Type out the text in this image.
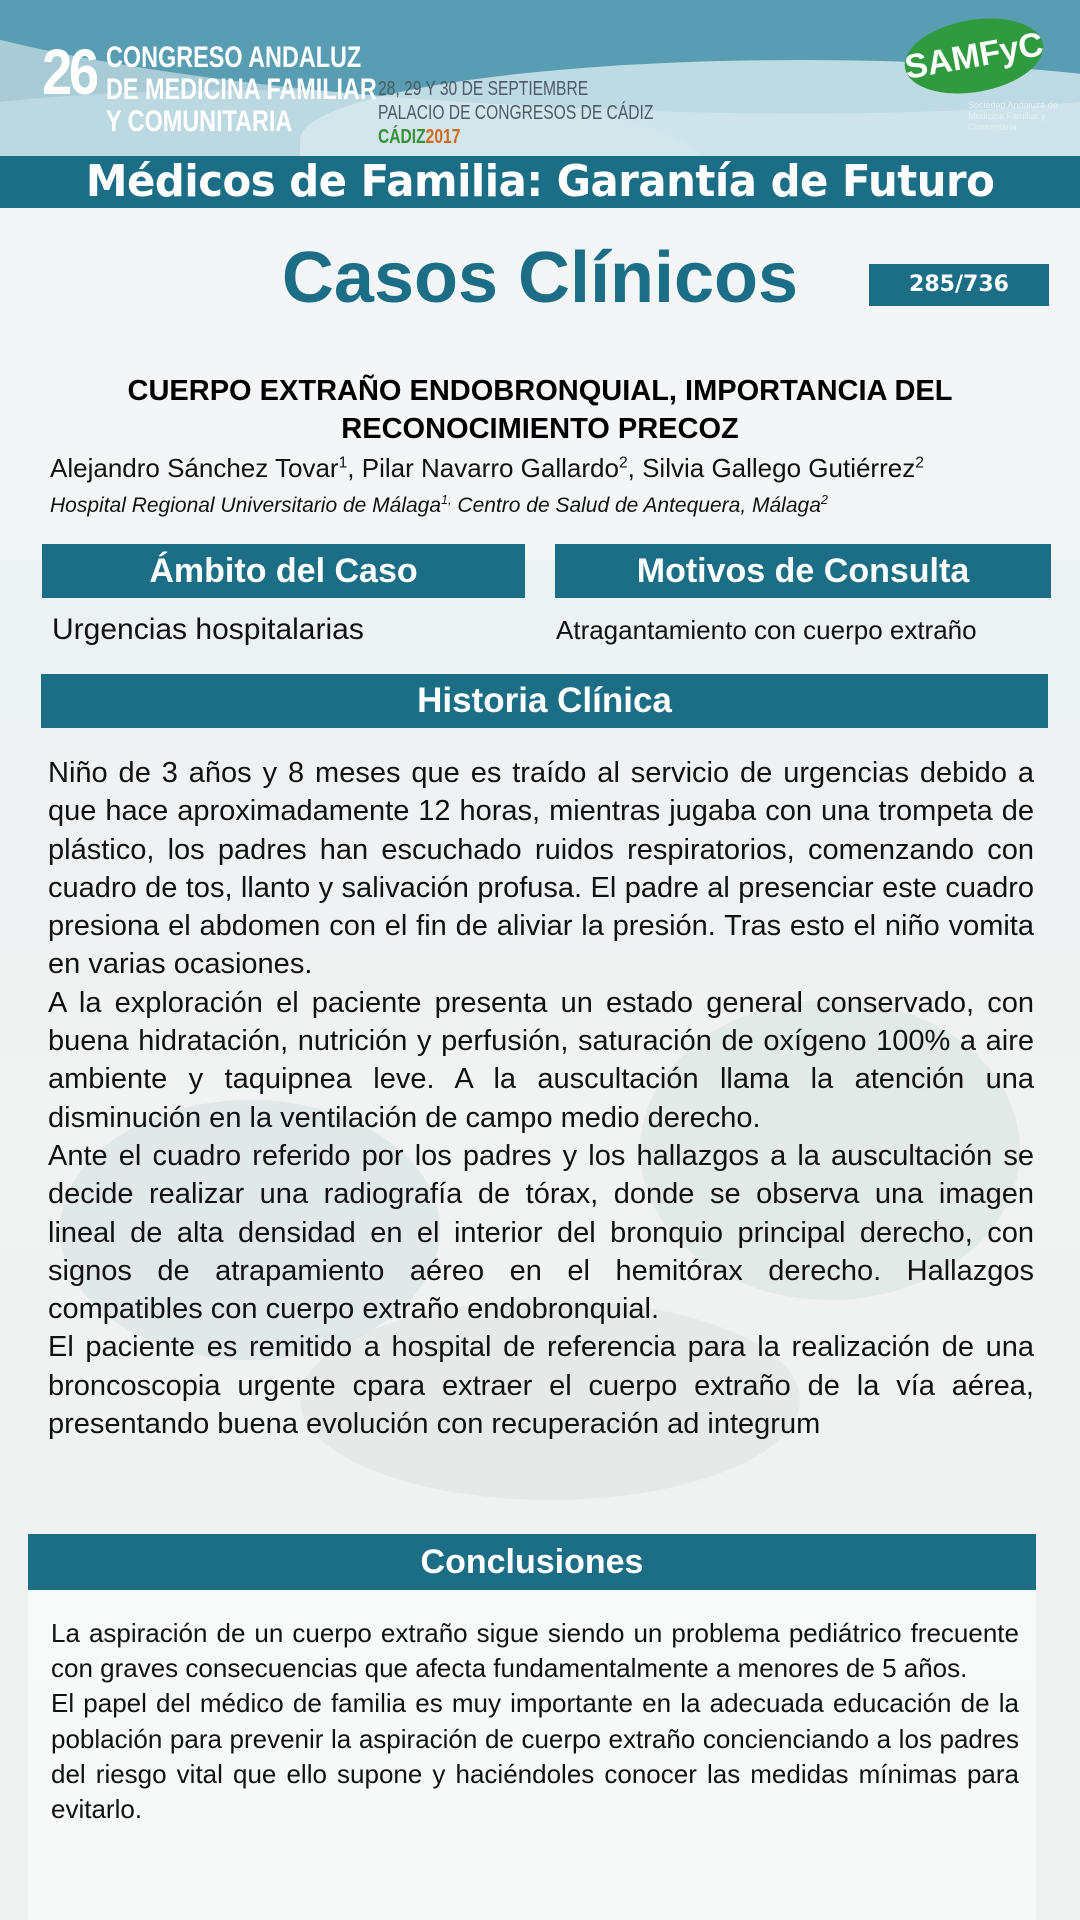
26 CONGRESO ANDALUZ
DE MEDICINA FAMILIAR
Y COMUNITARIA
28, 29 Y 30 DE SEPTIEMBRE
PALACIO DE CONGRESOS DE CÁDIZ
CÁDIZ2017
SAMFyC
Sociedad Andaluza de Medicina Familiar y Comunitaria
Médicos de Familia: Garantía de Futuro
Casos Clínicos	285/736
CUERPO EXTRAÑO ENDOBRONQUIAL, IMPORTANCIA DEL
RECONOCIMIENTO PRECOZ
Alejandro Sánchez Tovar$^1$, Pilar Navarro Gallardo$^2$, Silvia Gallego Gutiérrez$^2$
Hospital Regional Universitario de Málaga$^{1,}$ Centro de Salud de Antequera, Málaga$^2$
Ámbito del Caso	Motivos de Consulta
Urgencias hospitalarias	Atragantamiento con cuerpo extraño
Historia Clínica

Niño de 3 años y 8 meses que es traído al servicio de urgencias debido a que hace aproximadamente 12 horas, mientras jugaba con una trompeta de plástico, los padres han escuchado ruidos respiratorios, comenzando con cuadro de tos, llanto y salivación profusa. El padre al presenciar este cuadro presiona el abdomen con el fin de aliviar la presión. Tras esto el niño vomita en varias ocasiones.

A la exploración el paciente presenta un estado general conservado, con buena hidratación, nutrición y perfusión, saturación de oxígeno 100% a aire ambiente y taquipnea leve. A la auscultación llama la atención una disminución en la ventilación de campo medio derecho.

Ante el cuadro referido por los padres y los hallazgos a la auscultación se decide realizar una radiografía de tórax, donde se observa una imagen lineal de alta densidad en el interior del bronquio principal derecho, con signos de atrapamiento aéreo en el hemitórax derecho. Hallazgos compatibles con cuerpo extraño endobronquial.

El paciente es remitido a hospital de referencia para la realización de una broncoscopia urgente cpara extraer el cuerpo extraño de la vía aérea, presentando buena evolución con recuperación ad integrum

Conclusiones

La aspiración de un cuerpo extraño sigue siendo un problema pediátrico frecuente con graves consecuencias que afecta fundamentalmente a menores de 5 años.

El papel del médico de familia es muy importante en la adecuada educación de la población para prevenir la aspiración de cuerpo extraño concienciando a los padres del riesgo vital que ello supone y haciéndoles conocer las medidas mínimas para evitarlo.
